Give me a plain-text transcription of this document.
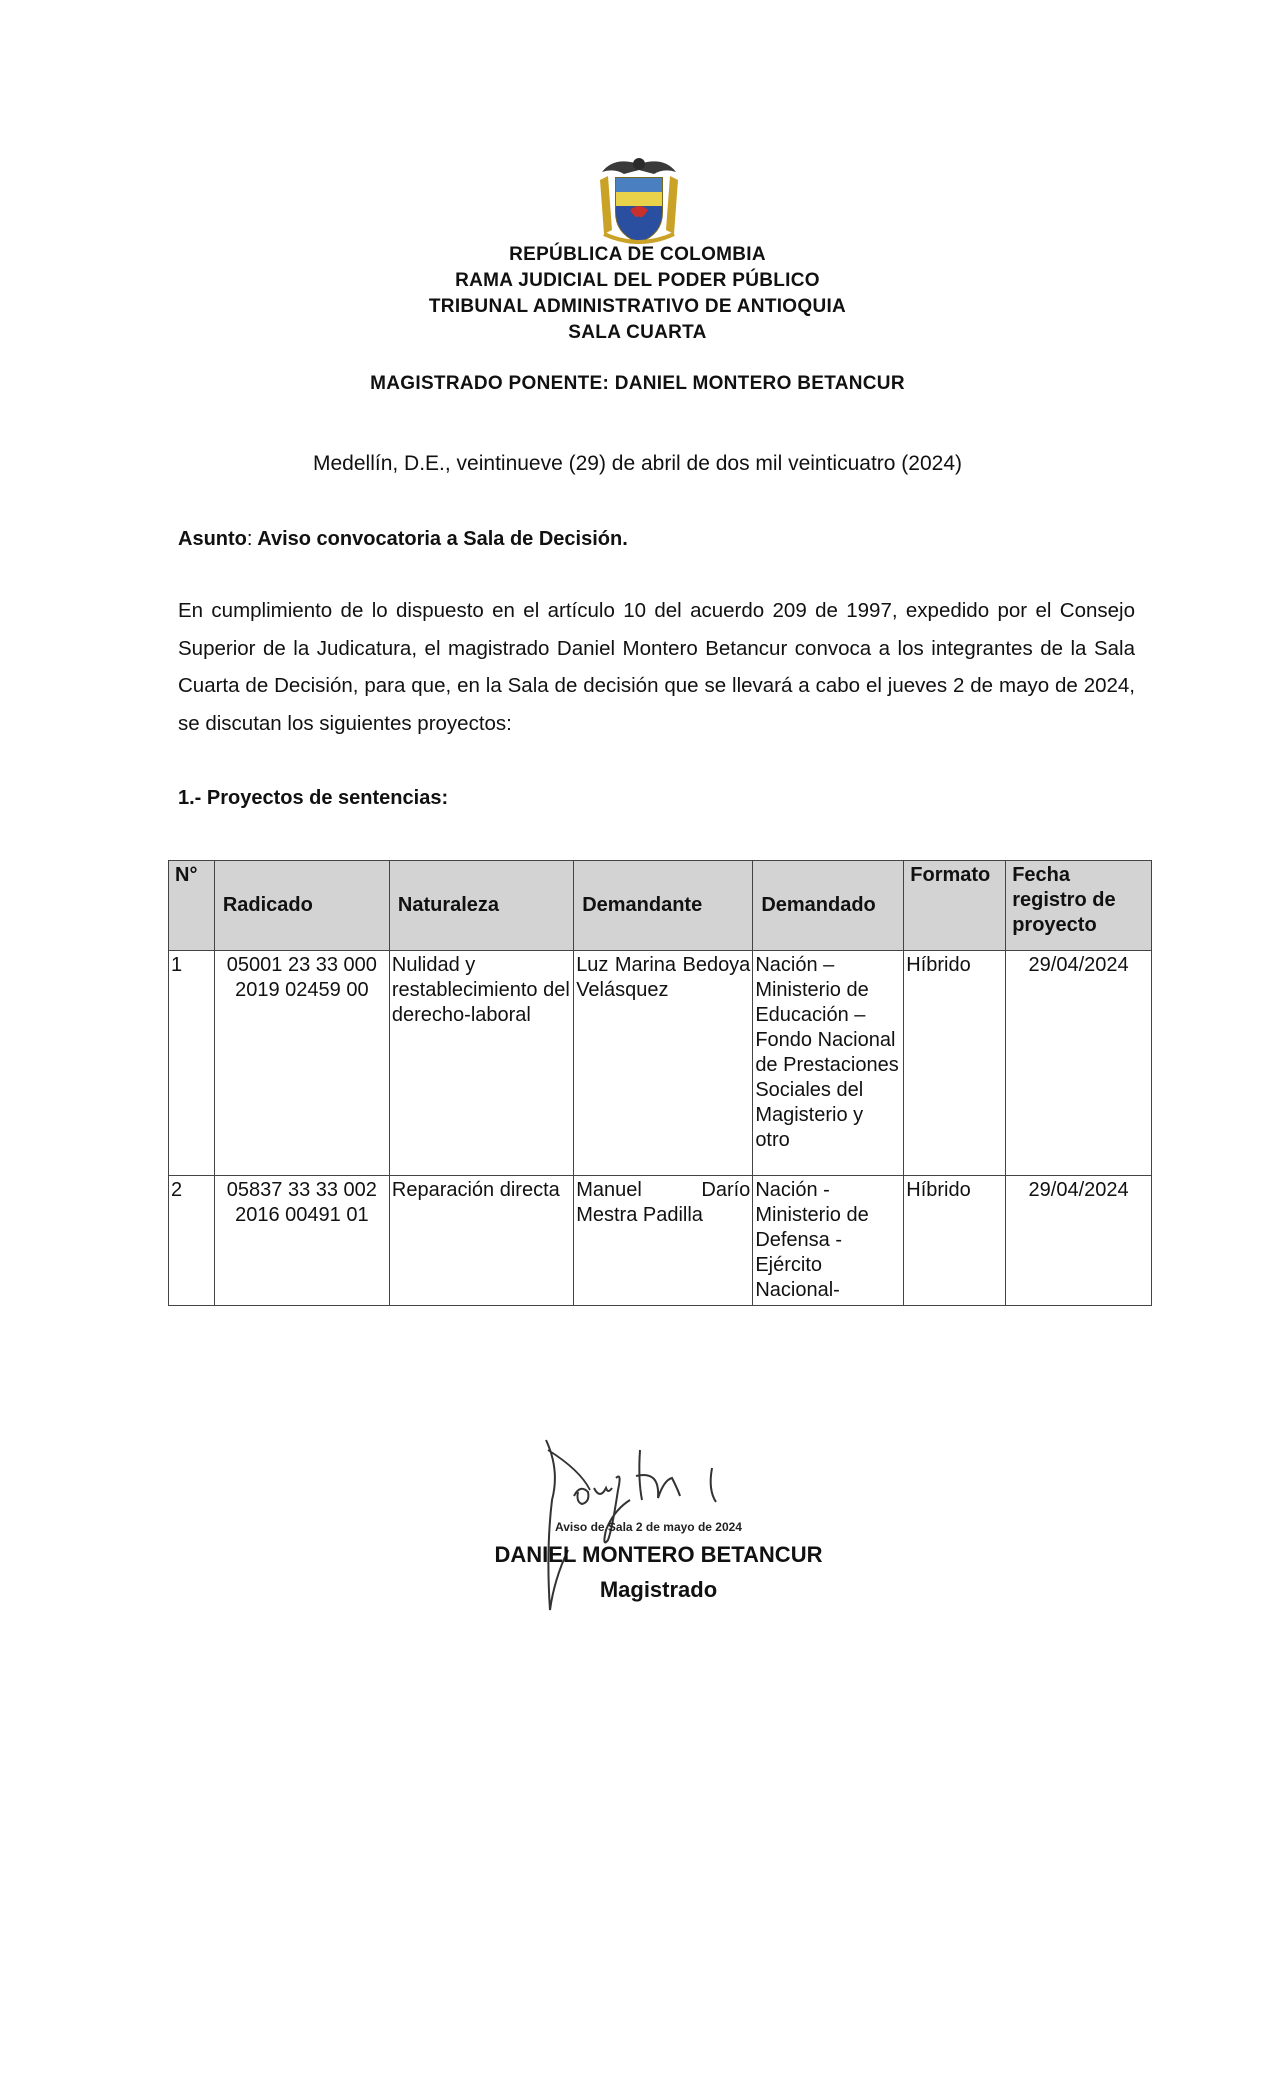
REPÚBLICA DE COLOMBIA
RAMA JUDICIAL DEL PODER PÚBLICO
TRIBUNAL ADMINISTRATIVO DE ANTIOQUIA
SALA CUARTA
MAGISTRADO PONENTE: DANIEL MONTERO BETANCUR
Medellín, D.E., veintinueve (29) de abril de dos mil veinticuatro (2024)
Asunto: Aviso convocatoria a Sala de Decisión.
En cumplimiento de lo dispuesto en el artículo 10 del acuerdo 209 de 1997, expedido por el Consejo Superior de la Judicatura, el magistrado Daniel Montero Betancur convoca a los integrantes de la Sala Cuarta de Decisión, para que, en la Sala de decisión que se llevará a cabo el jueves 2 de mayo de 2024, se discutan los siguientes proyectos:
1.- Proyectos de sentencias:
N°	Radicado	Naturaleza	Demandante	Demandado	Formato	Fecha registro de proyecto
1	05001 23 33 000 2019 02459 00	Nulidad y restablecimiento del derecho-laboral	Luz Marina Bedoya Velásquez	Nación – Ministerio de Educación – Fondo Nacional de Prestaciones Sociales del Magisterio y otro	Híbrido	29/04/2024
2	05837 33 33 002 2016 00491 01	Reparación directa	Manuel Darío Mestra Padilla	Nación - Ministerio de Defensa - Ejército Nacional-	Híbrido	29/04/2024
Aviso de Sala 2 de mayo de 2024
DANIEL MONTERO BETANCUR
Magistrado
